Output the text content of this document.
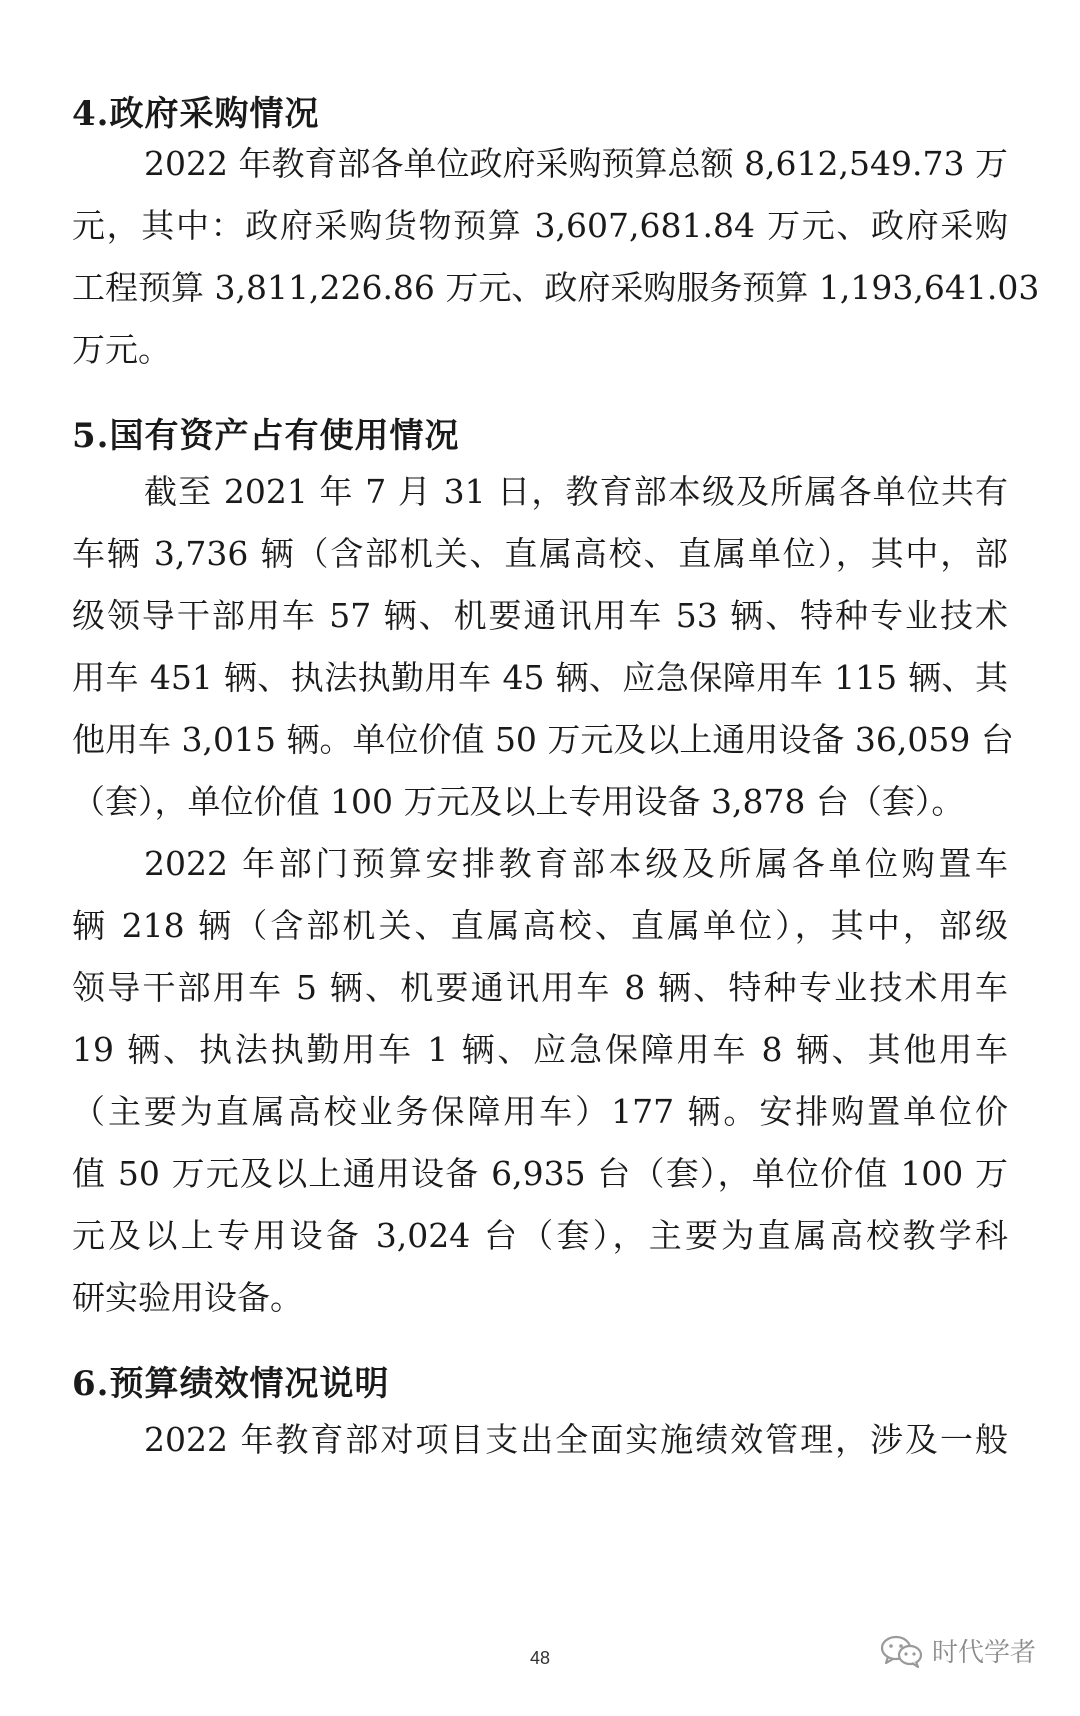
4.政府采购情况
2022 年教育部各单位政府采购预算总额 8,612,549.73 万
元，其中：政府采购货物预算 3,607,681.84 万元、政府采购
工程预算 3,811,226.86 万元、政府采购服务预算 1,193,641.03
万元。
截至 2021 年 7 月 31 日，教育部本级及所属各单位共有
车辆 3,736 辆（含部机关、直属高校、直属单位），其中，部
级领导干部用车 57 辆、机要通讯用车 53 辆、特种专业技术
用车 451 辆、执法执勤用车 45 辆、应急保障用车 115 辆、其
他用车 3,015 辆。单位价值 50 万元及以上通用设备 36,059 台
（套），单位价值 100 万元及以上专用设备 3,878 台（套）。
2022 年部门预算安排教育部本级及所属各单位购置车
辆 218 辆（含部机关、直属高校、直属单位），其中，部级
领导干部用车 5 辆、机要通讯用车 8 辆、特种专业技术用车
19 辆、执法执勤用车 1 辆、应急保障用车 8 辆、其他用车
（主要为直属高校业务保障用车）177 辆。安排购置单位价
值 50 万元及以上通用设备 6,935 台（套），单位价值 100 万
元及以上专用设备 3,024 台（套），主要为直属高校教学科
研实验用设备。
2022 年教育部对项目支出全面实施绩效管理，涉及一般
5.国有资产占有使用情况
6.预算绩效情况说明
48	时代学者
